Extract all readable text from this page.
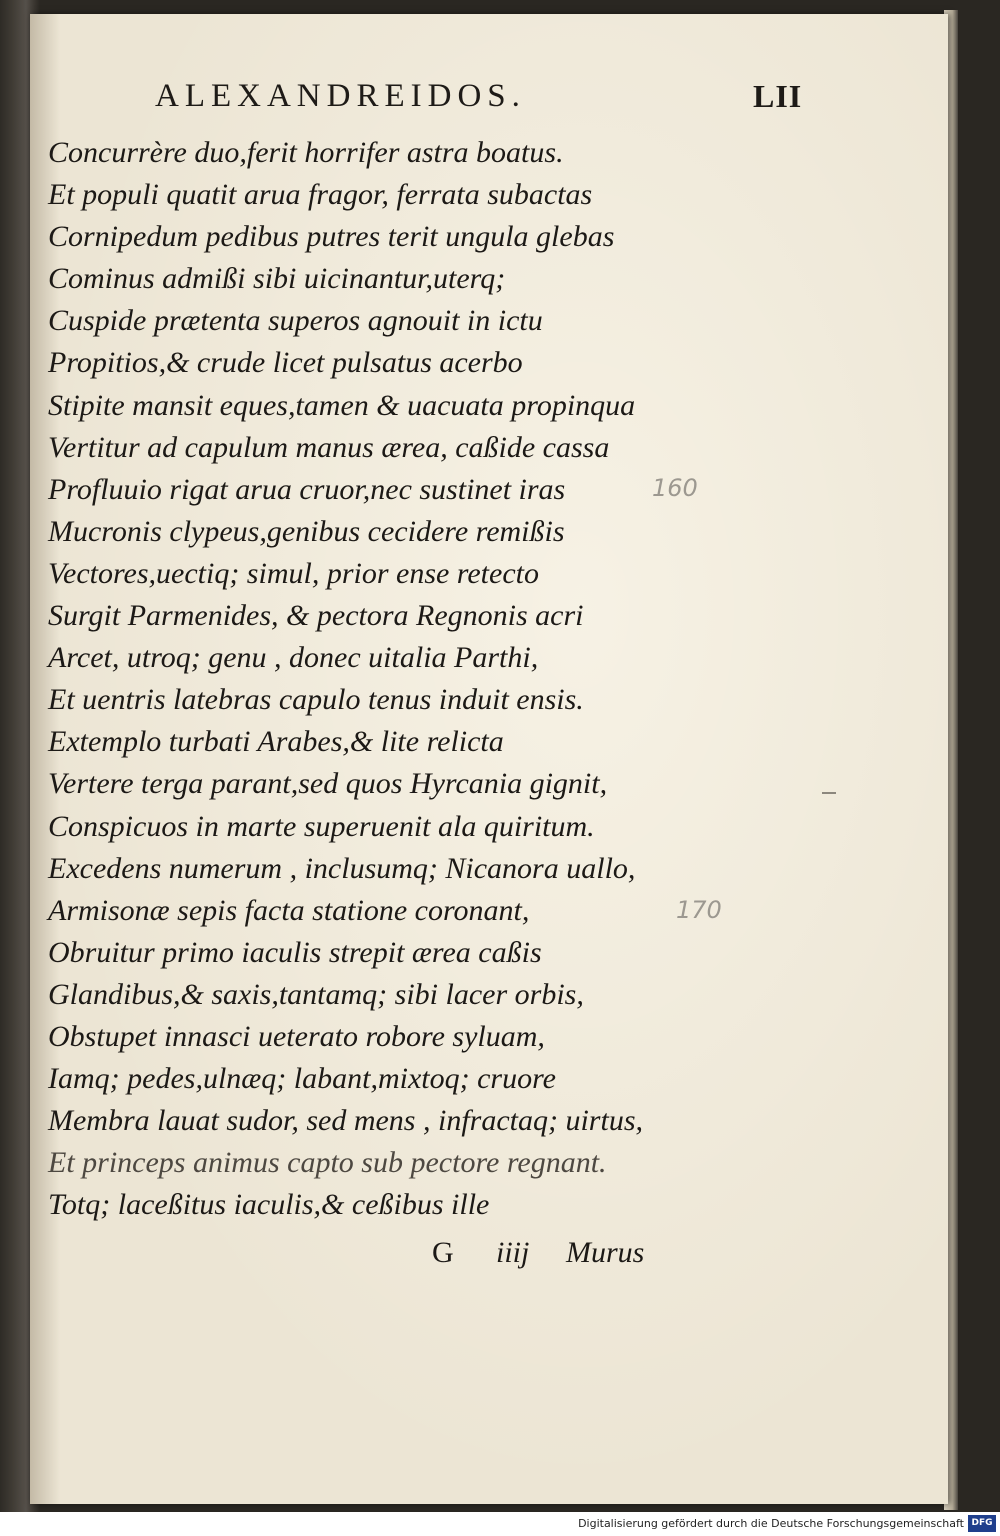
ALEXANDREIDOS.	LII
Concurrère duo,ferit horrifer astra boatus.
Et populi quatit arua fragor, ferrata subactas
Cornipedum pedibus putres terit ungula glebas
Cominus admißi sibi uicinantur,uterq;
Cuspide prætenta superos agnouit in ictu
Propitios,& crude licet pulsatus acerbo
Stipite mansit eques,tamen & uacuata propinqua
Vertitur ad capulum manus ærea, caßide cassa
Profluuio rigat arua cruor,nec sustinet iras
Mucronis clypeus,genibus cecidere remißis
Vectores,uectiq; simul, prior ense retecto
Surgit Parmenides, & pectora Regnonis acri
Arcet, utroq; genu , donec uitalia Parthi,
Et uentris latebras capulo tenus induit ensis.
Extemplo turbati Arabes,& lite relicta
Vertere terga parant,sed quos Hyrcania gignit,
Conspicuos in marte superuenit ala quiritum.
Excedens numerum , inclusumq; Nicanora uallo,
Armisonæ sepis facta statione coronant,
Obruitur primo iaculis strepit ærea caßis
Glandibus,& saxis,tantamq; sibi lacer orbis,
Obstupet innasci ueterato robore syluam,
Iamq; pedes,ulnæq; labant,mixtoq; cruore
Membra lauat sudor, sed mens , infractaq; uirtus,
Et princeps animus capto sub pectore regnant.
Totq; laceßitus iaculis,& ceßibus ille
G iiij Murus
160
170
Digitalisierung gefördert durch die Deutsche Forschungsgemeinschaft DFG
